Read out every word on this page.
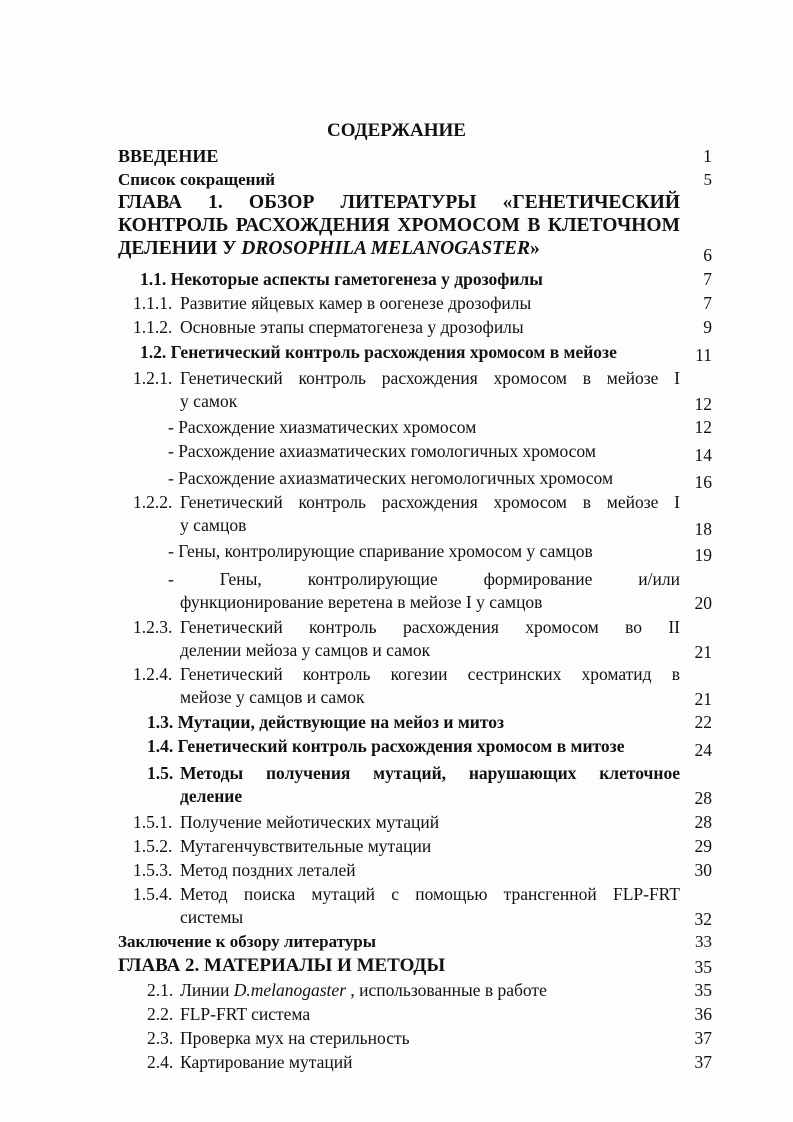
СОДЕРЖАНИЕ
ВВЕДЕНИЕ	1
Список сокращений	5
ГЛАВА 1. ОБЗОР ЛИТЕРАТУРЫ «ГЕНЕТИЧЕСКИЙ
КОНТРОЛЬ РАСХОЖДЕНИЯ ХРОМОСОМ В КЛЕТОЧНОМ
ДЕЛЕНИИ У DROSOPHILA MELANOGASTER»	6
1.1. Некоторые аспекты гаметогенеза у дрозофилы	7
1.1.1. Развитие яйцевых камер в оогенезе дрозофилы	7
1.1.2. Основные этапы сперматогенеза у дрозофилы	9
1.2. Генетический контроль расхождения хромосом в мейозе	11
1.2.1. Генетический контроль расхождения хромосом в мейозе I
у самок	12
- Расхождение хиазматических хромосом	12
- Расхождение ахиазматических гомологичных хромосом	14
- Расхождение ахиазматических негомологичных хромосом	16
1.2.2. Генетический контроль расхождения хромосом в мейозе I
у самцов	18
- Гены, контролирующие спаривание хромосом у самцов	19
- Гены, контролирующие формирование и/или
функционирование веретена в мейозе I у самцов	20
1.2.3. Генетический контроль расхождения хромосом во II
делении мейоза у самцов и самок	21
1.2.4. Генетический контроль когезии сестринских хроматид в
мейозе у самцов и самок	21
1.3. Мутации, действующие на мейоз и митоз	22
1.4. Генетический контроль расхождения хромосом в митозе	24
1.5. Методы получения мутаций, нарушающих клеточное
деление	28
1.5.1. Получение мейотических мутаций	28
1.5.2. Мутагенчувствительные мутации	29
1.5.3. Метод поздних леталей	30
1.5.4. Метод поиска мутаций с помощью трансгенной FLP-FRT
системы	32
Заключение к обзору литературы	33
ГЛАВА 2. МАТЕРИАЛЫ И МЕТОДЫ	35
2.1. Линии D.melanogaster , использованные в работе	35
2.2. FLP-FRT система	36
2.3. Проверка мух на стерильность	37
2.4. Картирование мутаций	37
